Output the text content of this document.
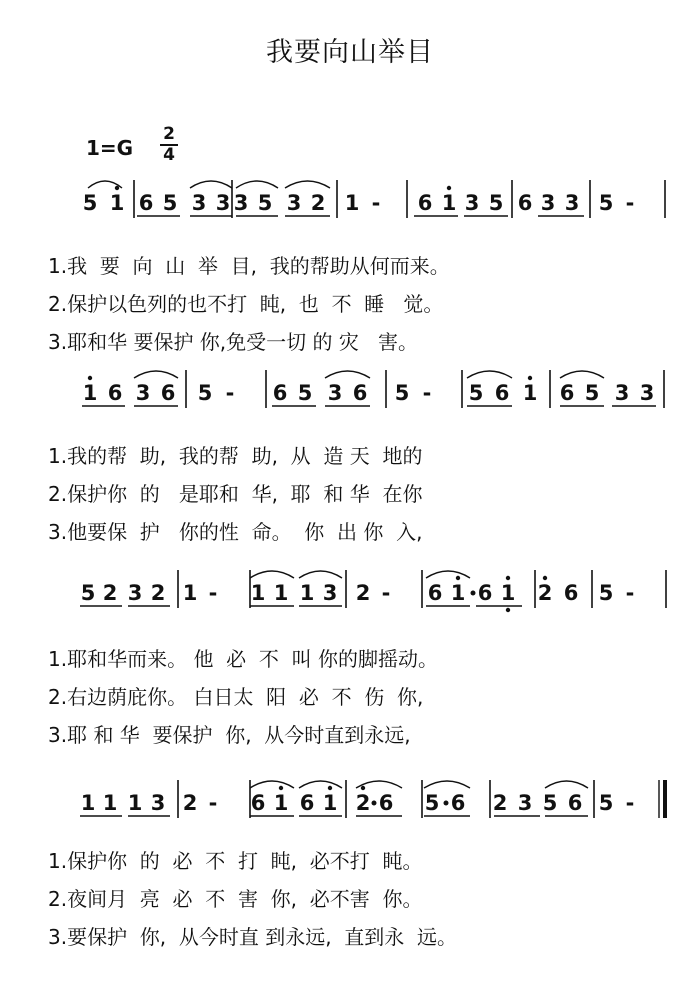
我要向山举目
1=G
2
4
5 1 6 5 3 3 3 5 3 2 1 - 6 1 3 5 6 3 3 5 -
1 6 3 6 5 - 6 5 3 6 5 - 5 6 1 6 5 3 3
5 2 3 2 1 - 1 1 1 3 2 - 6 1 6 1 2 6 5 -
1 1 1 3 2 - 6 1 6 1 2 6 5 6 2 3 5 6 5 -
1.我  要  向  山  举  目,  我的帮助从何而来。
2.保护以色列的也不打  盹,  也  不  睡   觉。
3.耶和华 要保护 你,免受一切 的 灾   害。
1.我的帮  助,  我的帮  助,  从  造 天  地的
2.保护你  的   是耶和  华,  耶  和 华  在你
3.他要保  护   你的性  命。  你  出 你  入,
1.耶和华而来。 他  必  不  叫 你的脚摇动。
2.右边荫庇你。 白日太  阳  必  不  伤  你,
3.耶 和 华  要保护  你,  从今时直到永远,
1.保护你  的  必  不  打  盹,  必不打  盹。
2.夜间月  亮  必  不  害  你,  必不害  你。
3.要保护  你,  从今时直 到永远,  直到永  远。
